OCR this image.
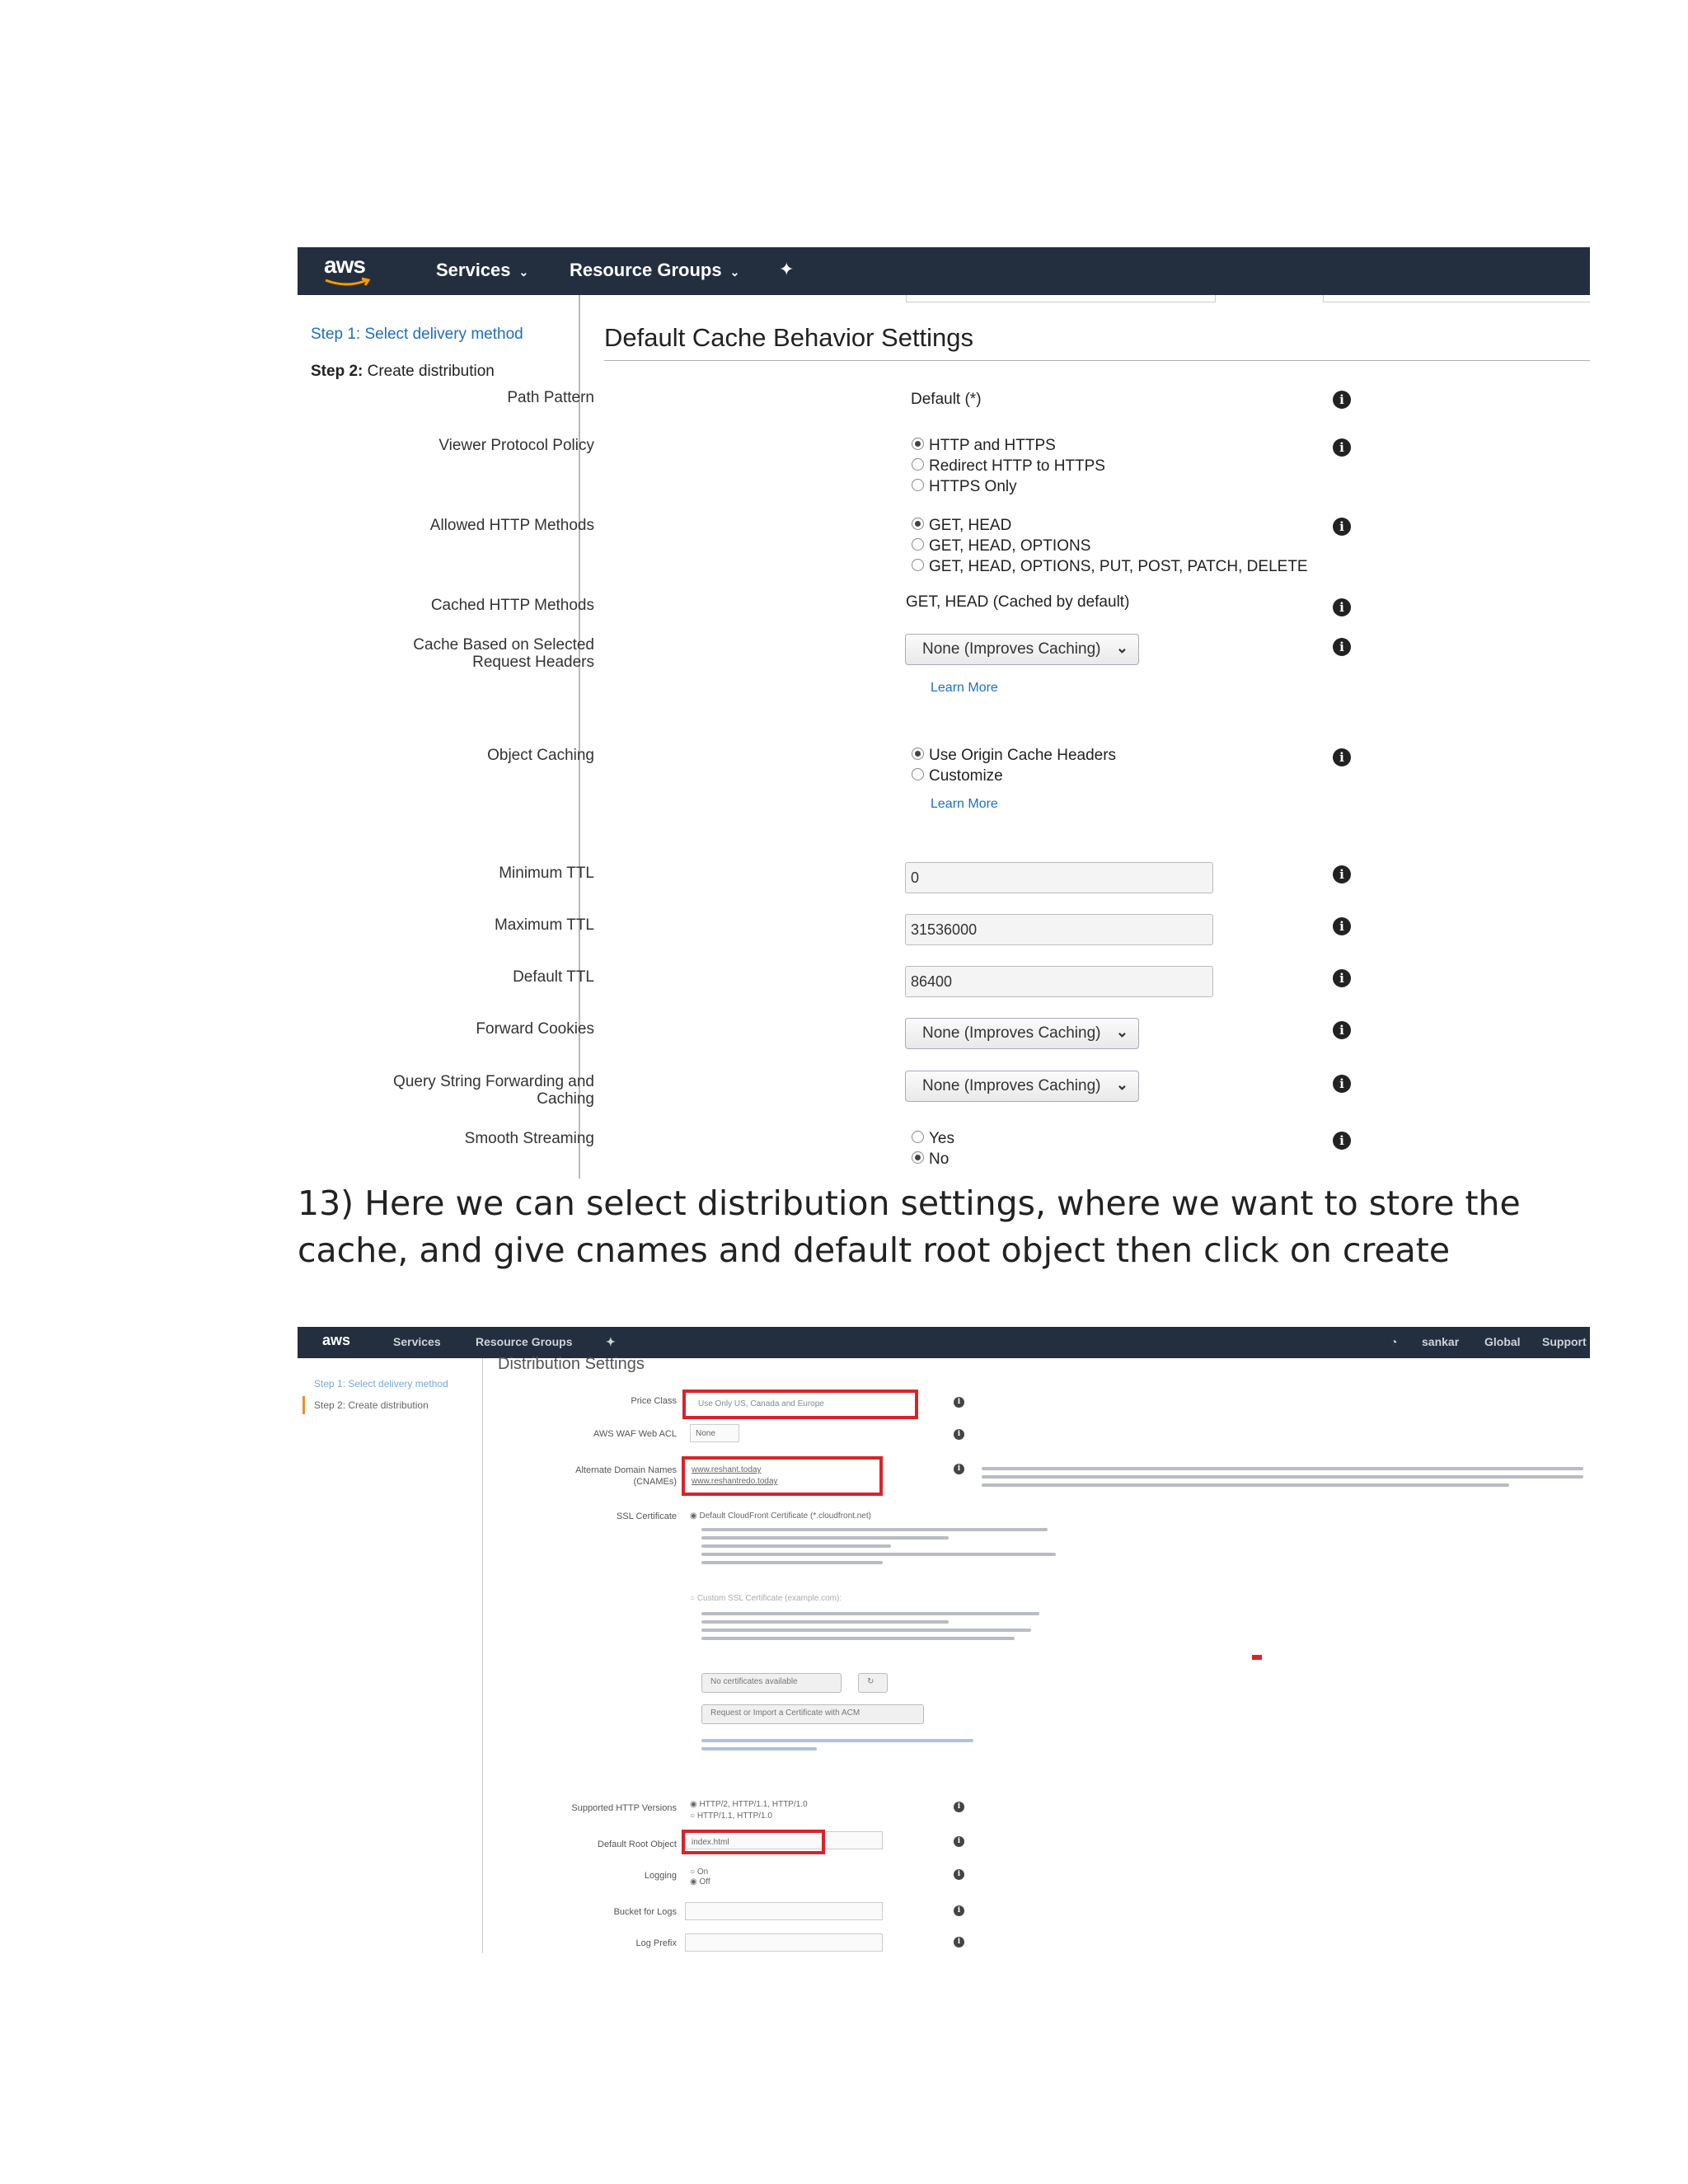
aws	Services ⌄ Resource Groups ⌄ ✦
Step 1: Select delivery method
Step 2: Create distribution
Default Cache Behavior Settings
Path Pattern	Default (*)	i
Viewer Protocol Policy	HTTP and HTTPS
Redirect HTTP to HTTPS
HTTPS Only
i
Allowed HTTP Methods	GET, HEAD
GET, HEAD, OPTIONS
GET, HEAD, OPTIONS, PUT, POST, PATCH, DELETE
i
Cached HTTP Methods	GET, HEAD (Cached by default)	i
Cache Based on Selected
Request Headers
None (Improves Caching) ⌄	i
Learn More
Object Caching	Use Origin Cache Headers
Customize
i
Learn More
Minimum TTL	0	i
Maximum TTL	31536000	i
Default TTL	86400	i
Forward Cookies	None (Improves Caching) ⌄	i
Query String Forwarding and
Caching
None (Improves Caching) ⌄	i
Smooth Streaming	Yes
No
i
13) Here we can select distribution settings, where we want to store the cache, and give cnames and default root object then click on create
aws	Services	Resource Groups	✦	◔ sankar Global Support
Step 1: Select delivery method
Step 2: Create distribution
Distribution Settings
Price Class	Use Only US, Canada and Europe	i
AWS WAF Web ACL None	i
Alternate Domain Names
(CNAMEs)
www.reshant.today
www.reshantredo.today
i
SSL Certificate ◉ Default CloudFront Certificate (*.cloudfront.net)
○ Custom SSL Certificate (example.com):
No certificates available	↻
Request or Import a Certificate with ACM
Supported HTTP Versions ◉ HTTP/2, HTTP/1.1, HTTP/1.0
○ HTTP/1.1, HTTP/1.0
i
Default Root Object index.html	i
Logging ○ On
◉ Off
i
Bucket for Logs	i
Log Prefix	i
